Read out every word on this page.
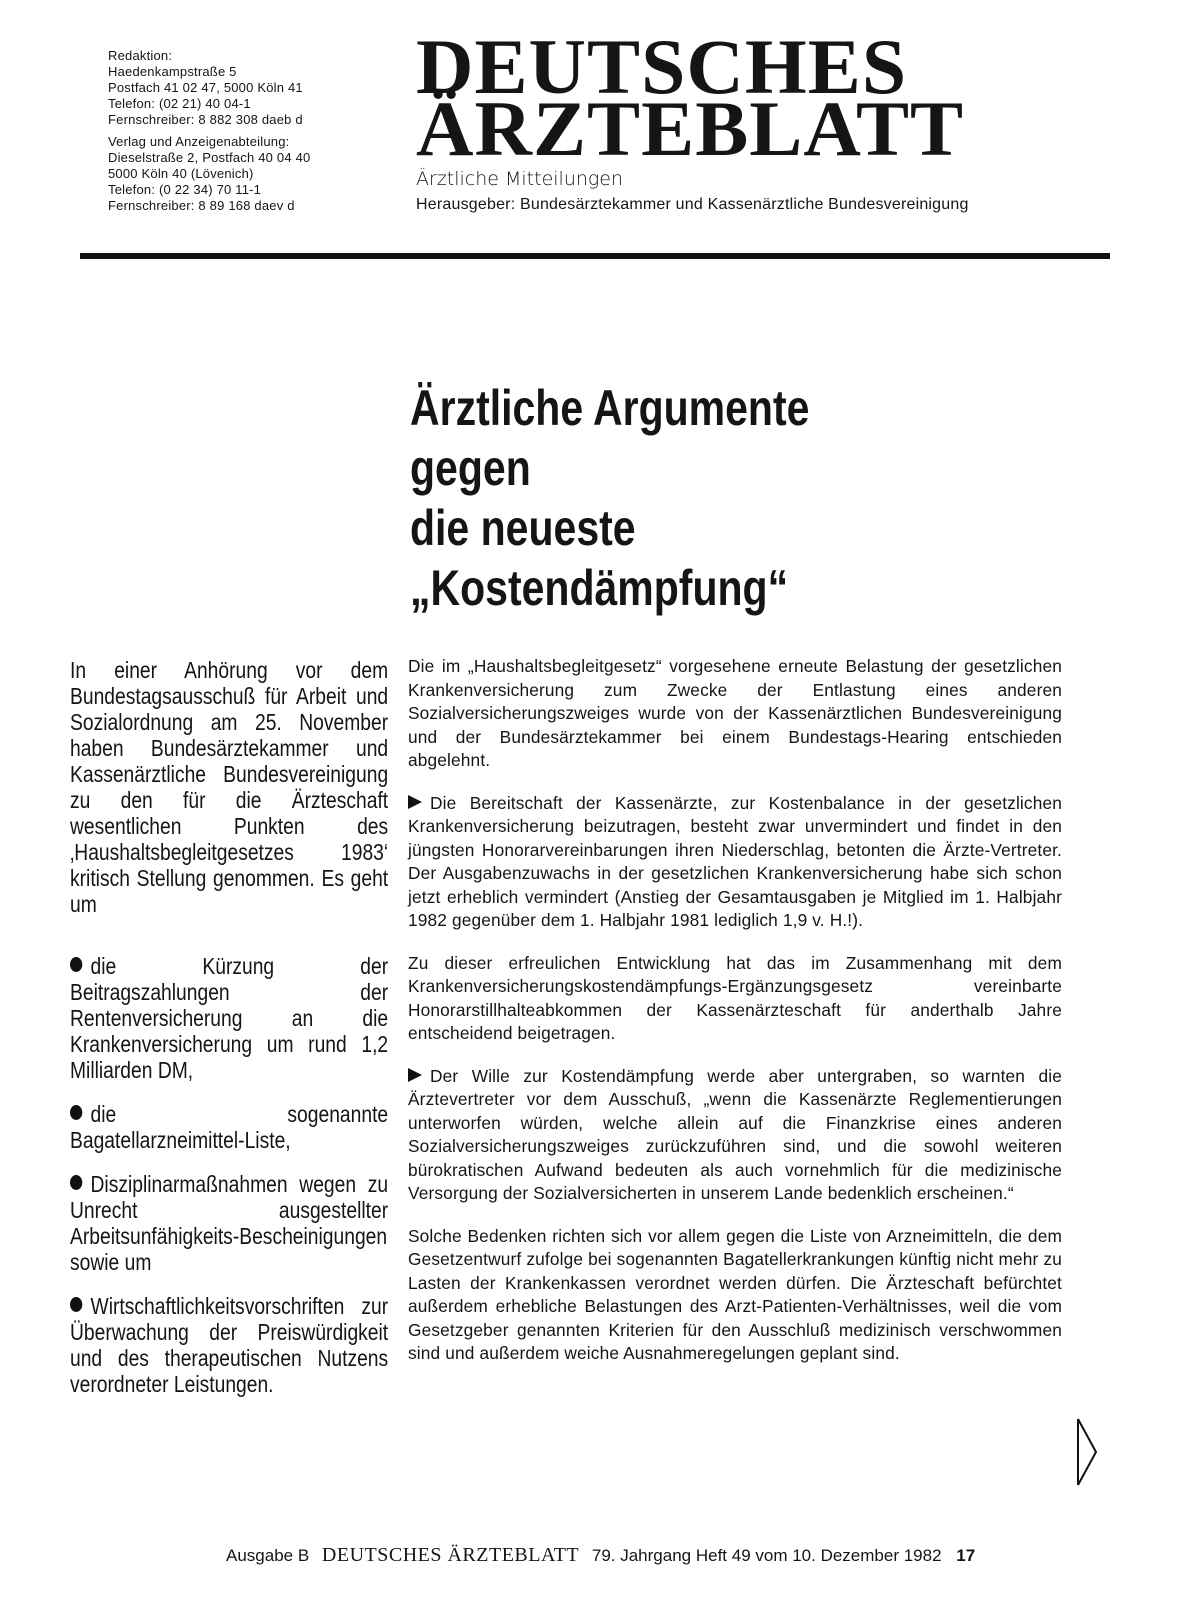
Redaktion:
Haedenkampstraße 5
Postfach 41 02 47, 5000 Köln 41
Telefon: (02 21) 40 04-1
Fernschreiber: 8 882 308 daeb d
Verlag und Anzeigenabteilung:
Dieselstraße 2, Postfach 40 04 40
5000 Köln 40 (Lövenich)
Telefon: (0 22 34) 70 11-1
Fernschreiber: 8 89 168 daev d
DEUTSCHES
ÄRZTEBLATT
Ärztliche Mitteilungen
Herausgeber: Bundesärztekammer und Kassenärztliche Bundesvereinigung
Ärztliche Argumente
gegen
die neueste
„Kostendämpfung“
In einer Anhörung vor dem Bundestagsausschuß für Arbeit und Sozialordnung am 25. November haben Bundesärztekammer und Kassenärztliche Bundesvereinigung zu den für die Ärzteschaft wesentlichen Punkten des ‚Haushaltsbegleitgesetzes 1983‘ kritisch Stellung genommen. Es geht um
die Kürzung der Beitragszahlungen der Rentenversicherung an die Krankenversicherung um rund 1,2 Milliarden DM,
die sogenannte Bagatellarzneimittel-Liste,
Disziplinarmaßnahmen wegen zu Unrecht ausgestellter Arbeitsunfähigkeits-Bescheinigungen sowie um
Wirtschaftlichkeitsvorschriften zur Überwachung der Preiswürdigkeit und des therapeutischen Nutzens verordneter Leistungen.

Die im „Haushaltsbegleitgesetz“ vorgesehene erneute Belastung der gesetzlichen Krankenversicherung zum Zwecke der Entlastung eines anderen Sozialversicherungszweiges wurde von der Kassenärztlichen Bundesvereinigung und der Bundesärztekammer bei einem Bundestags-Hearing entschieden abgelehnt.

Die Bereitschaft der Kassenärzte, zur Kostenbalance in der gesetzlichen Krankenversicherung beizutragen, besteht zwar unvermindert und findet in den jüngsten Honorarvereinbarungen ihren Niederschlag, betonten die Ärzte-Vertreter. Der Ausgabenzuwachs in der gesetzlichen Krankenversicherung habe sich schon jetzt erheblich vermindert (Anstieg der Gesamtausgaben je Mitglied im 1. Halbjahr 1982 gegenüber dem 1. Halbjahr 1981 lediglich 1,9 v. H.!).

Zu dieser erfreulichen Entwicklung hat das im Zusammenhang mit dem Krankenversicherungskostendämpfungs-Ergänzungsgesetz vereinbarte Honorarstillhalteabkommen der Kassenärzteschaft für anderthalb Jahre entscheidend beigetragen.

Der Wille zur Kostendämpfung werde aber untergraben, so warnten die Ärztevertreter vor dem Ausschuß, „wenn die Kassenärzte Reglementierungen unterworfen würden, welche allein auf die Finanzkrise eines anderen Sozialversicherungszweiges zurückzuführen sind, und die sowohl weiteren bürokratischen Aufwand bedeuten als auch vornehmlich für die medizinische Versorgung der Sozialversicherten in unserem Lande bedenklich erscheinen.“

Solche Bedenken richten sich vor allem gegen die Liste von Arzneimitteln, die dem Gesetzentwurf zufolge bei sogenannten Bagatellerkrankungen künftig nicht mehr zu Lasten der Krankenkassen verordnet werden dürfen. Die Ärzteschaft befürchtet außerdem erhebliche Belastungen des Arzt-Patienten-Verhältnisses, weil die vom Gesetzgeber genannten Kriterien für den Ausschluß medizinisch verschwommen sind und außerdem weiche Ausnahmeregelungen geplant sind.

Ausgabe B DEUTSCHES ÄRZTEBLATT 79. Jahrgang Heft 49 vom 10. Dezember 1982 17
